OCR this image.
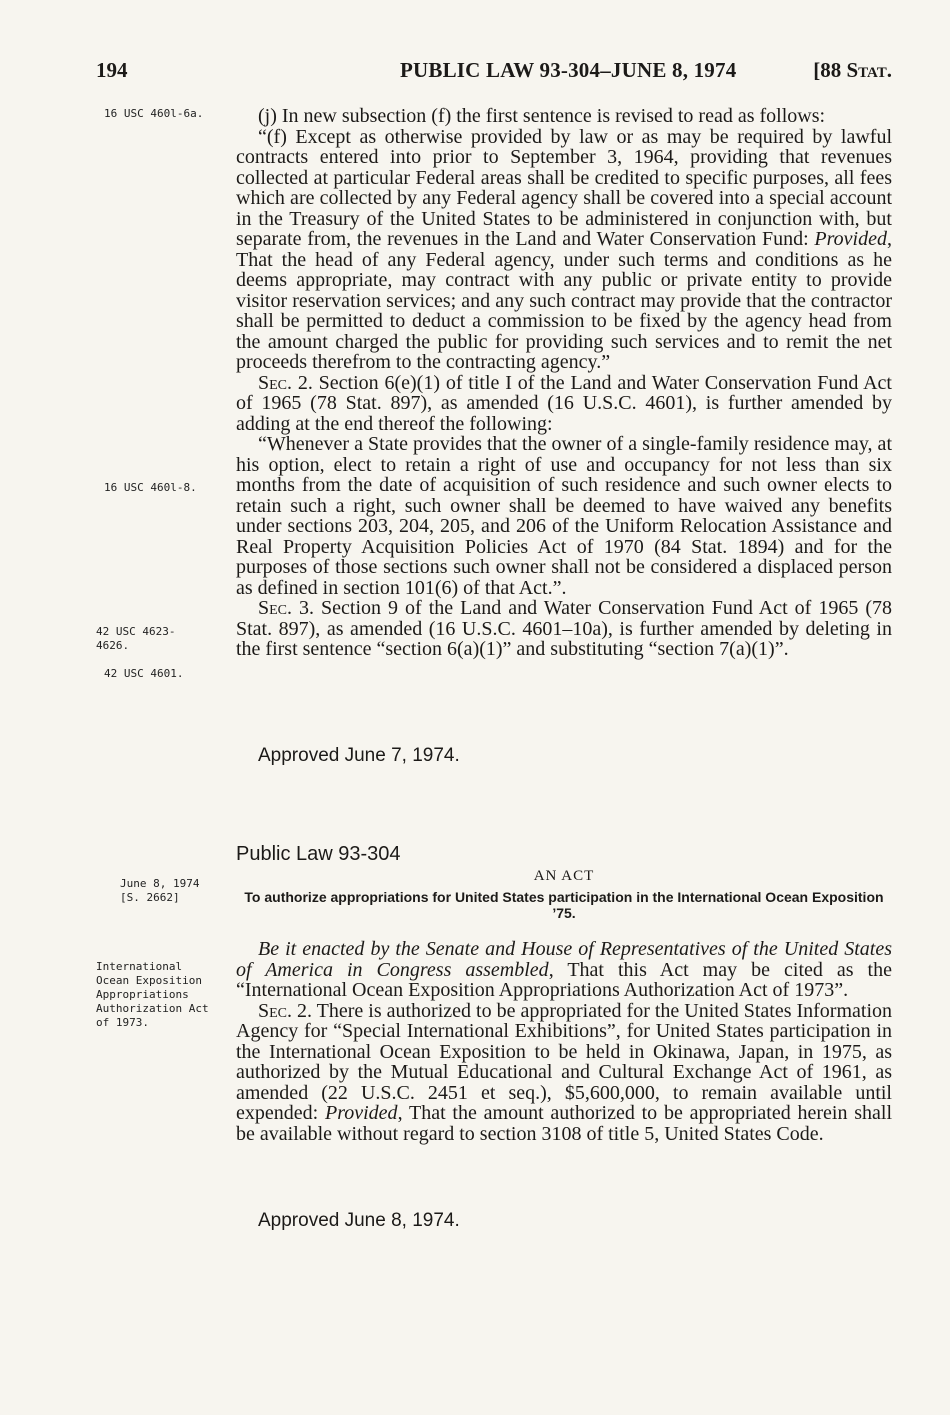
194	PUBLIC LAW 93-304–JUNE 8, 1974	[88 Stat.
16 USC 460l-6a.
16 USC 460l-8.
42 USC 4623-
4626.
42 USC 4601.
June 8, 1974
[S. 2662]
International
Ocean Exposition
Appropriations
Authorization Act
of 1973.

(j) In new subsection (f) the first sentence is revised to read as follows:

“(f) Except as otherwise provided by law or as may be required by lawful contracts entered into prior to September 3, 1964, providing that revenues collected at particular Federal areas shall be credited to specific purposes, all fees which are collected by any Federal agency shall be covered into a special account in the Treasury of the United States to be administered in conjunction with, but separate from, the revenues in the Land and Water Conservation Fund: Provided, That the head of any Federal agency, under such terms and conditions as he deems appropriate, may contract with any public or private entity to provide visitor reservation services; and any such contract may provide that the contractor shall be permitted to deduct a commission to be fixed by the agency head from the amount charged the public for providing such services and to remit the net proceeds therefrom to the contracting agency.”

Sec. 2. Section 6(e)(1) of title I of the Land and Water Conservation Fund Act of 1965 (78 Stat. 897), as amended (16 U.S.C. 4601), is further amended by adding at the end thereof the following:

“Whenever a State provides that the owner of a single-family residence may, at his option, elect to retain a right of use and occupancy for not less than six months from the date of acquisition of such residence and such owner elects to retain such a right, such owner shall be deemed to have waived any benefits under sections 203, 204, 205, and 206 of the Uniform Relocation Assistance and Real Property Acquisition Policies Act of 1970 (84 Stat. 1894) and for the purposes of those sections such owner shall not be considered a displaced person as defined in section 101(6) of that Act.”.

Sec. 3. Section 9 of the Land and Water Conservation Fund Act of 1965 (78 Stat. 897), as amended (16 U.S.C. 4601–10a), is further amended by deleting in the first sentence “section 6(a)(1)” and substituting “section 7(a)(1)”.

Approved June 7, 1974.
Public Law 93-304
AN ACT
To authorize appropriations for United States participation in the International Ocean Exposition ’75.

Be it enacted by the Senate and House of Representatives of the United States of America in Congress assembled, That this Act may be cited as the “International Ocean Exposition Appropriations Authorization Act of 1973”.

Sec. 2. There is authorized to be appropriated for the United States Information Agency for “Special International Exhibitions”, for United States participation in the International Ocean Exposition to be held in Okinawa, Japan, in 1975, as authorized by the Mutual Educational and Cultural Exchange Act of 1961, as amended (22 U.S.C. 2451 et seq.), $5,600,000, to remain available until expended: Provided, That the amount authorized to be appropriated herein shall be available without regard to section 3108 of title 5, United States Code.

Approved June 8, 1974.
